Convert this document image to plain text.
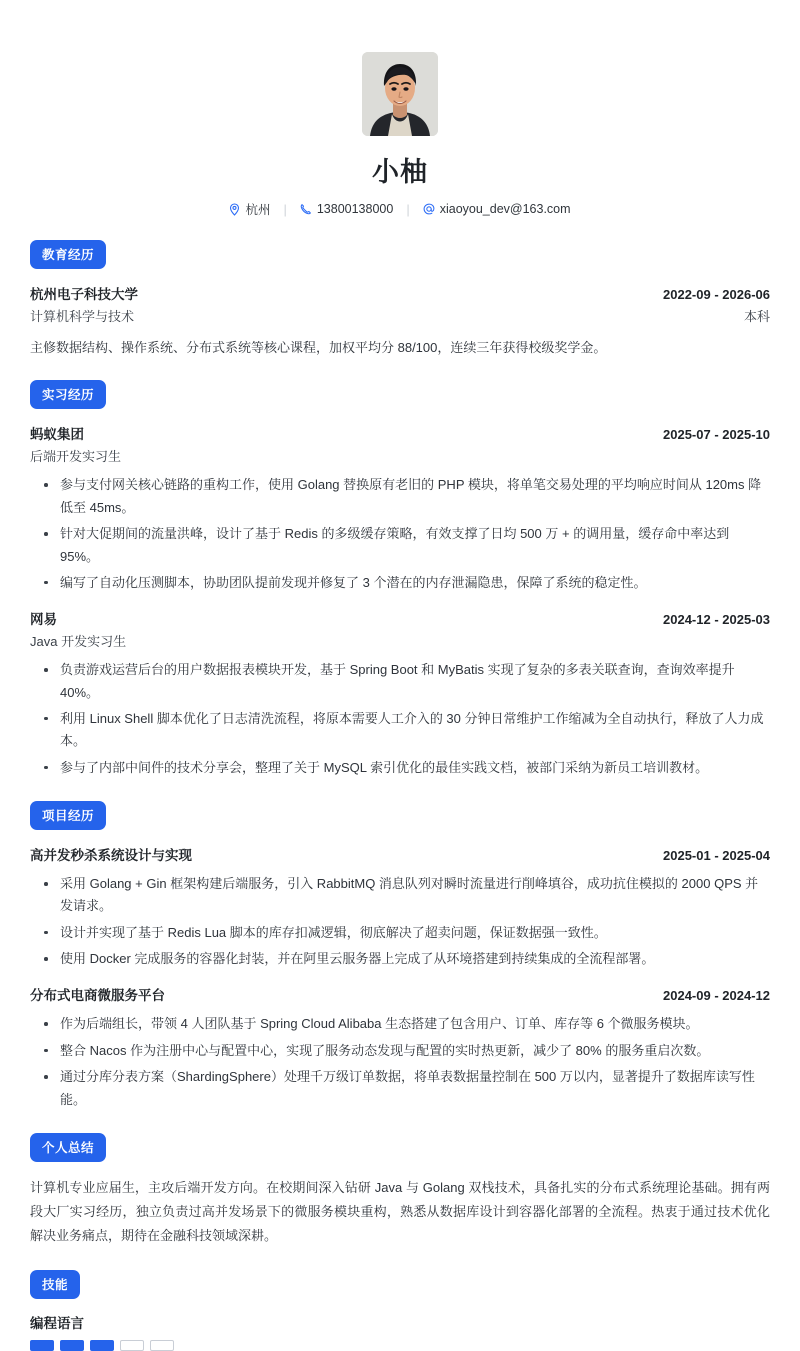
小柚
杭州 | 13800138000 | xiaoyou_dev@163.com
教育经历
杭州电子科技大学	2022-09 - 2026-06
计算机科学与技术	本科

主修数据结构、操作系统、分布式系统等核心课程，加权平均分 88/100，连续三年获得校级奖学金。

实习经历
蚂蚁集团	2025-07 - 2025-10
后端开发实习生
参与支付网关核心链路的重构工作，使用 Golang 替换原有老旧的 PHP 模块，将单笔交易处理的平均响应时间从 120ms 降低至 45ms。
针对大促期间的流量洪峰，设计了基于 Redis 的多级缓存策略，有效支撑了日均 500 万 + 的调用量，缓存命中率达到 95%。
编写了自动化压测脚本，协助团队提前发现并修复了 3 个潜在的内存泄漏隐患，保障了系统的稳定性。
网易	2024-12 - 2025-03
Java 开发实习生
负责游戏运营后台的用户数据报表模块开发，基于 Spring Boot 和 MyBatis 实现了复杂的多表关联查询，查询效率提升 40%。
利用 Linux Shell 脚本优化了日志清洗流程，将原本需要人工介入的 30 分钟日常维护工作缩减为全自动执行，释放了人力成本。
参与了内部中间件的技术分享会，整理了关于 MySQL 索引优化的最佳实践文档，被部门采纳为新员工培训教材。
项目经历
高并发秒杀系统设计与实现	2025-01 - 2025-04
采用 Golang + Gin 框架构建后端服务，引入 RabbitMQ 消息队列对瞬时流量进行削峰填谷，成功抗住模拟的 2000 QPS 并发请求。
设计并实现了基于 Redis Lua 脚本的库存扣减逻辑，彻底解决了超卖问题，保证数据强一致性。
使用 Docker 完成服务的容器化封装，并在阿里云服务器上完成了从环境搭建到持续集成的全流程部署。
分布式电商微服务平台	2024-09 - 2024-12
作为后端组长，带领 4 人团队基于 Spring Cloud Alibaba 生态搭建了包含用户、订单、库存等 6 个微服务模块。
整合 Nacos 作为注册中心与配置中心，实现了服务动态发现与配置的实时热更新，减少了 80% 的服务重启次数。
通过分库分表方案（ShardingSphere）处理千万级订单数据，将单表数据量控制在 500 万以内，显著提升了数据库读写性能。
个人总结

计算机专业应届生，主攻后端开发方向。在校期间深入钻研 Java 与 Golang 双栈技术，具备扎实的分布式系统理论基础。拥有两段大厂实习经历，独立负责过高并发场景下的微服务模块重构，熟悉从数据库设计到容器化部署的全流程。热衷于通过技术优化解决业务痛点，期待在金融科技领域深耕。

技能
编程语言
